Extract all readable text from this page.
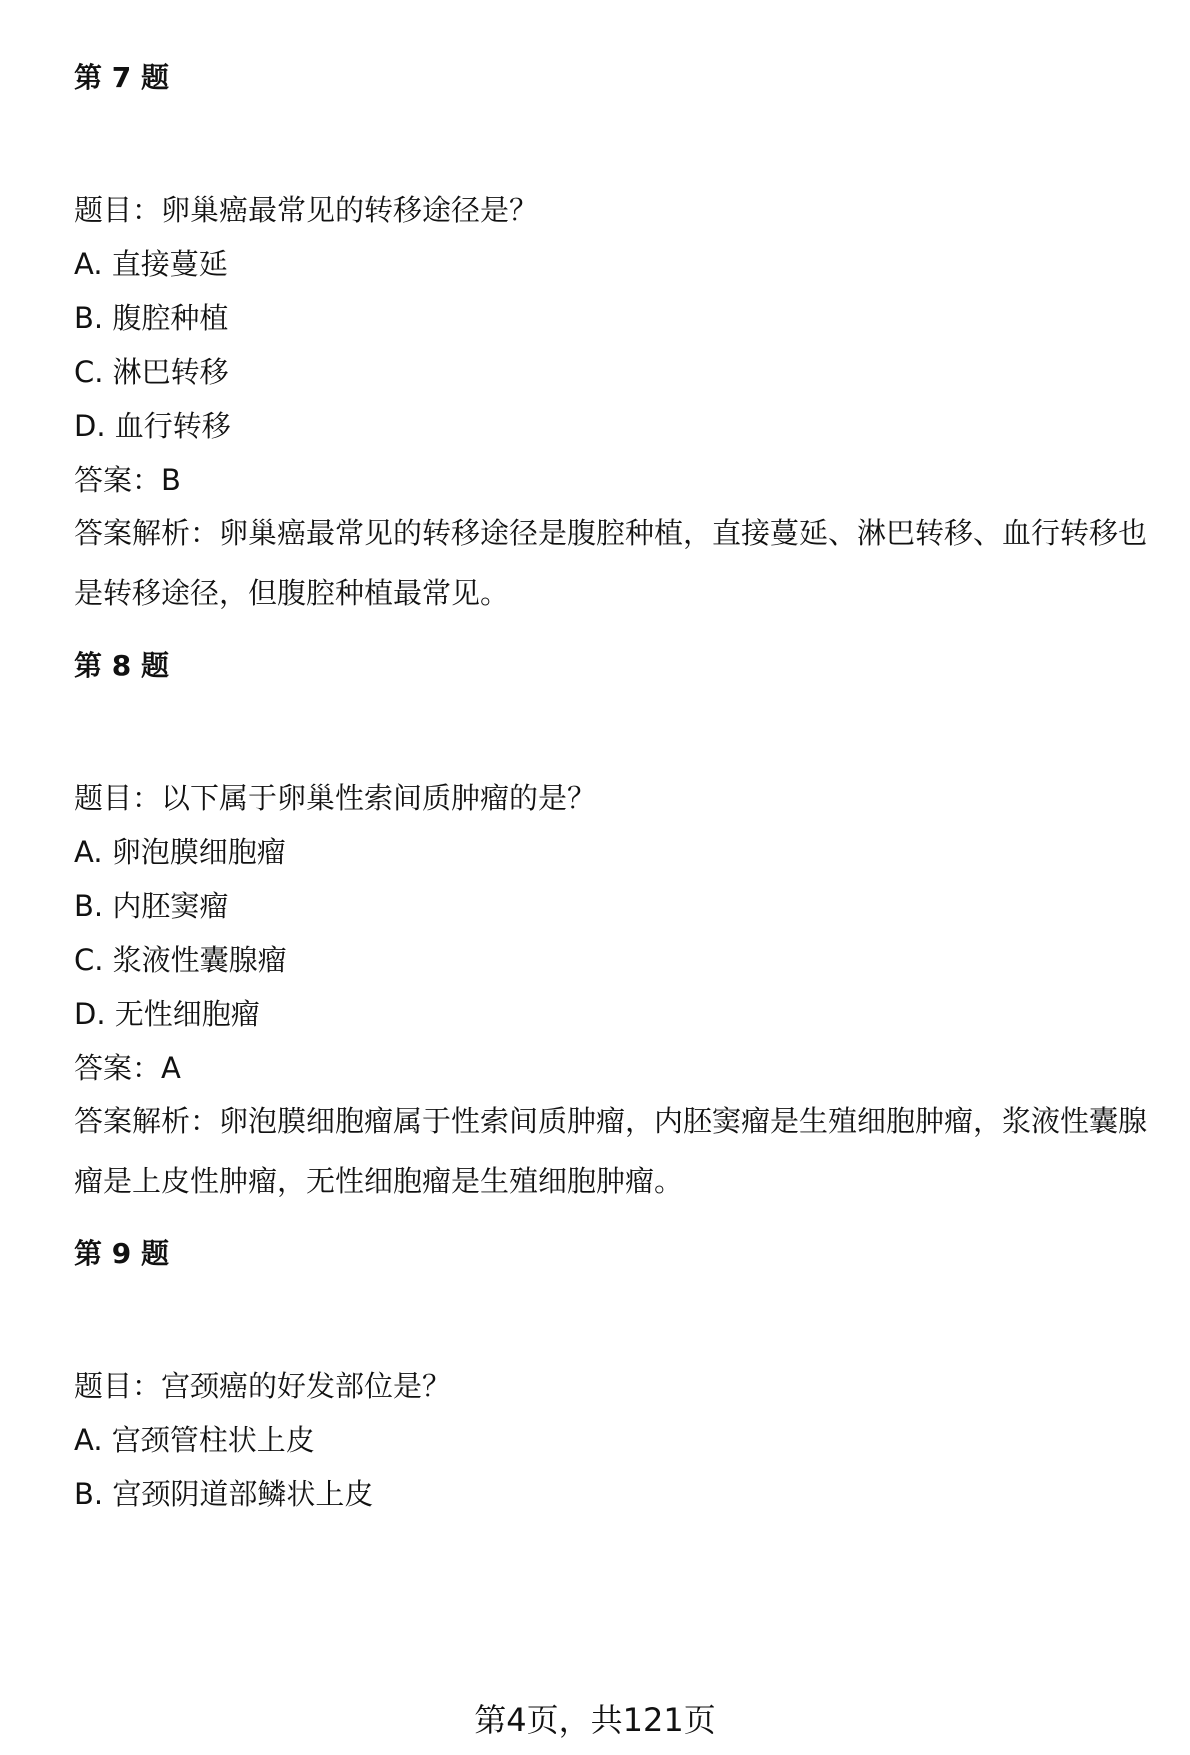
第 7 题
题目：卵巢癌最常见的转移途径是？
A. 直接蔓延
B. 腹腔种植
C. 淋巴转移
D. 血行转移
答案：B
答案解析：卵巢癌最常见的转移途径是腹腔种植，直接蔓延、淋巴转移、血行转移也是转移途径，但腹腔种植最常见。
第 8 题
题目：以下属于卵巢性索间质肿瘤的是？
A. 卵泡膜细胞瘤
B. 内胚窦瘤
C. 浆液性囊腺瘤
D. 无性细胞瘤
答案：A
答案解析：卵泡膜细胞瘤属于性索间质肿瘤，内胚窦瘤是生殖细胞肿瘤，浆液性囊腺瘤是上皮性肿瘤，无性细胞瘤是生殖细胞肿瘤。
第 9 题
题目：宫颈癌的好发部位是？
A. 宫颈管柱状上皮
B. 宫颈阴道部鳞状上皮
第4页，共121页
